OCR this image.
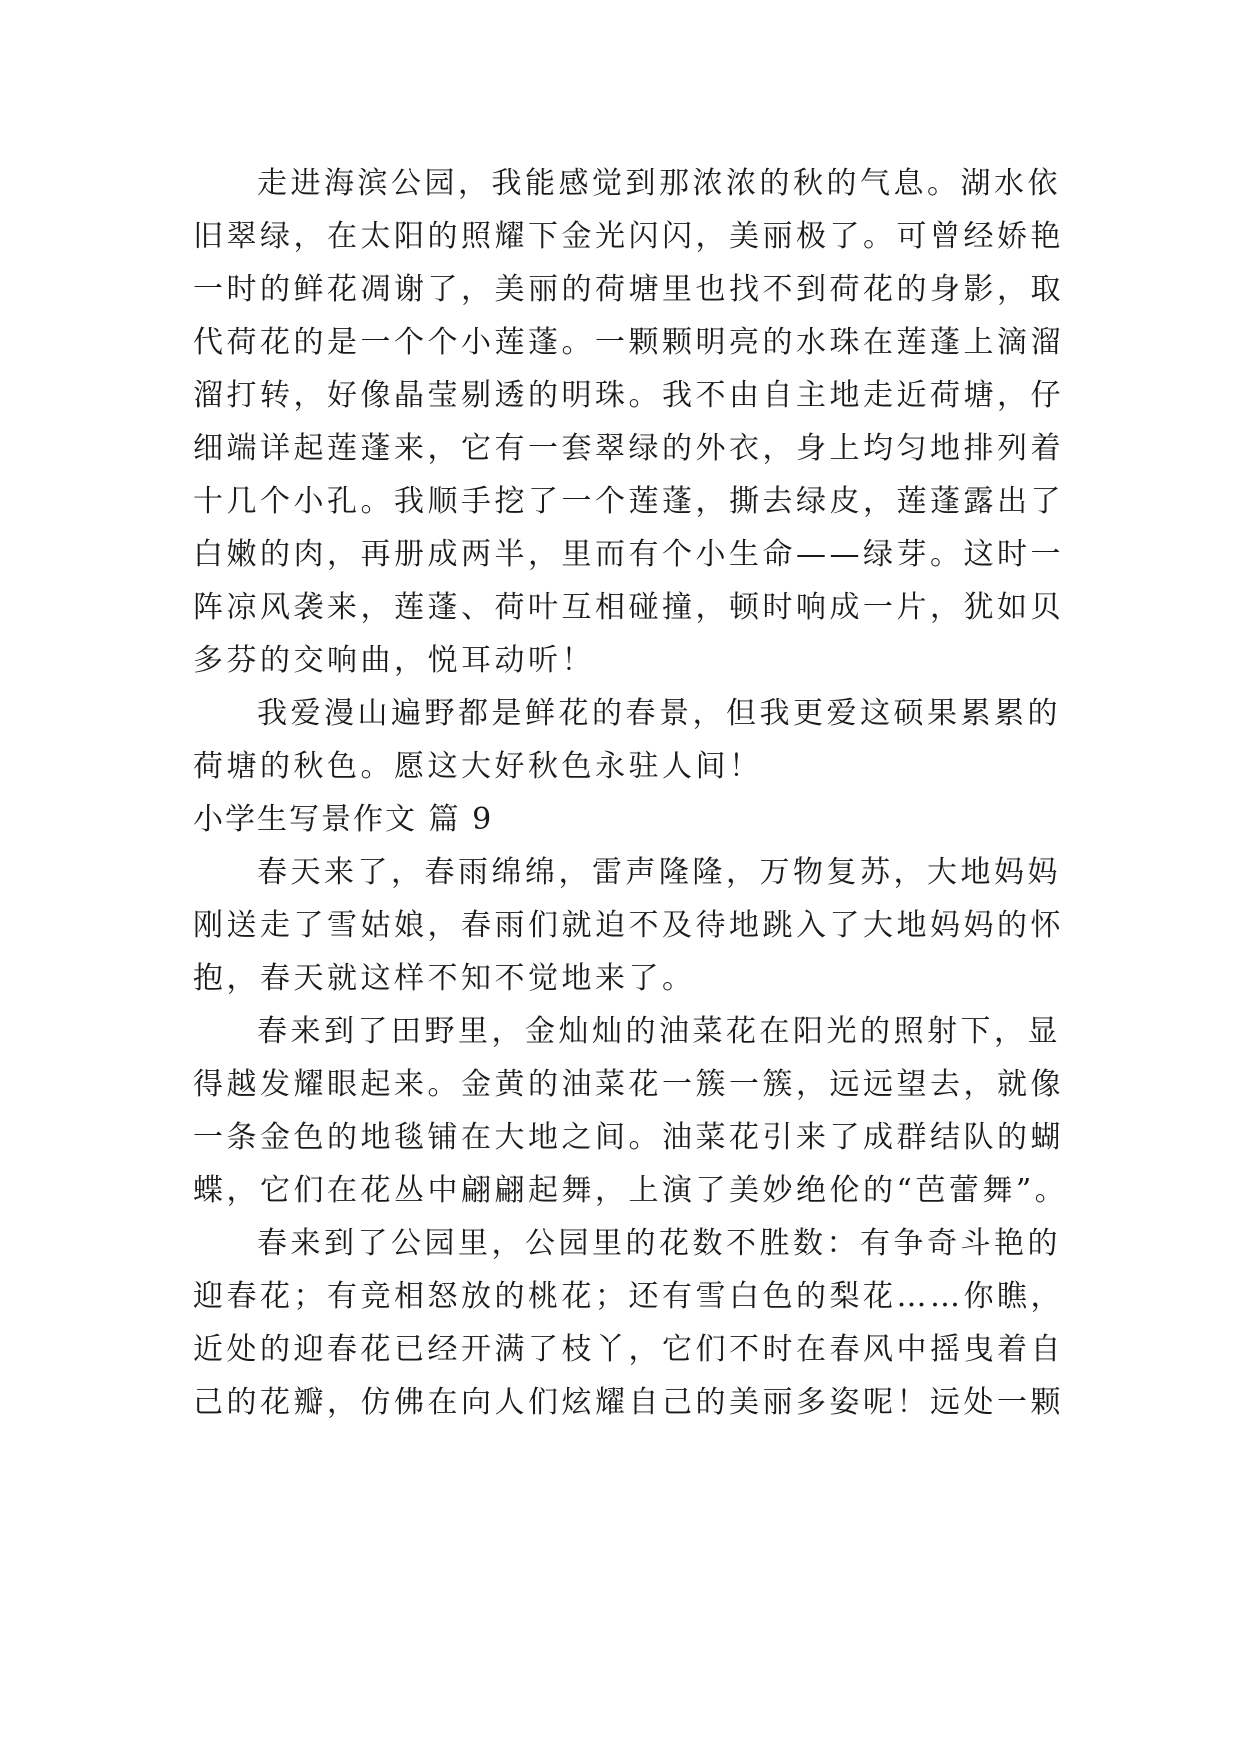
走进海滨公园，我能感觉到那浓浓的秋的气息。湖水依
旧翠绿，在太阳的照耀下金光闪闪，美丽极了。可曾经娇艳
一时的鲜花凋谢了，美丽的荷塘里也找不到荷花的身影，取
代荷花的是一个个小莲蓬。一颗颗明亮的水珠在莲蓬上滴溜
溜打转，好像晶莹剔透的明珠。我不由自主地走近荷塘，仔
细端详起莲蓬来，它有一套翠绿的外衣，身上均匀地排列着
十几个小孔。我顺手挖了一个莲蓬，撕去绿皮，莲蓬露出了
白嫩的肉，再册成两半，里而有个小生命——绿芽。这时一
阵凉风袭来，莲蓬、荷叶互相碰撞，顿时响成一片，犹如贝
多芬的交响曲，悦耳动听！
我爱漫山遍野都是鲜花的春景，但我更爱这硕果累累的
荷塘的秋色。愿这大好秋色永驻人间！
小学生写景作文 篇 9
春天来了，春雨绵绵，雷声隆隆，万物复苏，大地妈妈
刚送走了雪姑娘，春雨们就迫不及待地跳入了大地妈妈的怀
抱，春天就这样不知不觉地来了。
春来到了田野里，金灿灿的油菜花在阳光的照射下，显
得越发耀眼起来。金黄的油菜花一簇一簇，远远望去，就像
一条金色的地毯铺在大地之间。油菜花引来了成群结队的蝴
蝶，它们在花丛中翩翩起舞，上演了美妙绝伦的“芭蕾舞”。
春来到了公园里，公园里的花数不胜数：有争奇斗艳的
迎春花；有竞相怒放的桃花；还有雪白色的梨花……你瞧，
近处的迎春花已经开满了枝丫，它们不时在春风中摇曳着自
己的花瓣，仿佛在向人们炫耀自己的美丽多姿呢！远处一颗
